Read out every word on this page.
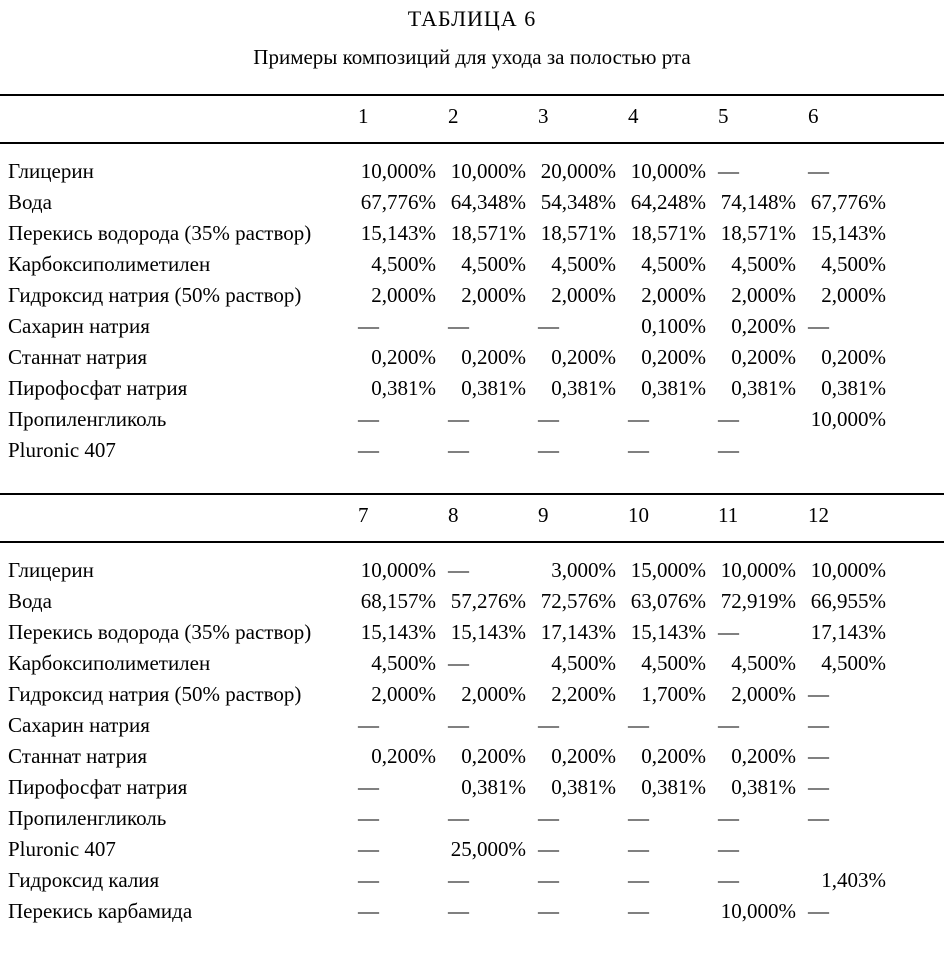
ТАБЛИЦА 6
Примеры композиций для ухода за полостью рта
	1	2	3	4	5	6	
Глицерин	10,000%	10,000%	20,000%	10,000%	—	—	
Вода	67,776%	64,348%	54,348%	64,248%	74,148%	67,776%	
Перекись водорода (35% раствор)	15,143%	18,571%	18,571%	18,571%	18,571%	15,143%	
Карбоксиполиметилен	4,500%	4,500%	4,500%	4,500%	4,500%	4,500%	
Гидроксид натрия (50% раствор)	2,000%	2,000%	2,000%	2,000%	2,000%	2,000%	
Сахарин натрия	—	—	—	0,100%	0,200%	—	
Станнат натрия	0,200%	0,200%	0,200%	0,200%	0,200%	0,200%	
Пирофосфат натрия	0,381%	0,381%	0,381%	0,381%	0,381%	0,381%	
Пропиленгликоль	—	—	—	—	—	10,000%	
Pluronic 407	—	—	—	—	—		
	7	8	9	10	11	12	
Глицерин	10,000%	—	3,000%	15,000%	10,000%	10,000%	
Вода	68,157%	57,276%	72,576%	63,076%	72,919%	66,955%	
Перекись водорода (35% раствор)	15,143%	15,143%	17,143%	15,143%	—	17,143%	
Карбоксиполиметилен	4,500%	—	4,500%	4,500%	4,500%	4,500%	
Гидроксид натрия (50% раствор)	2,000%	2,000%	2,200%	1,700%	2,000%	—	
Сахарин натрия	—	—	—	—	—	—	
Станнат натрия	0,200%	0,200%	0,200%	0,200%	0,200%	—	
Пирофосфат натрия	—	0,381%	0,381%	0,381%	0,381%	—	
Пропиленгликоль	—	—	—	—	—	—	
Pluronic 407	—	25,000%	—	—	—		
Гидроксид калия	—	—	—	—	—	1,403%	
Перекись карбамида	—	—	—	—	10,000%	—	
